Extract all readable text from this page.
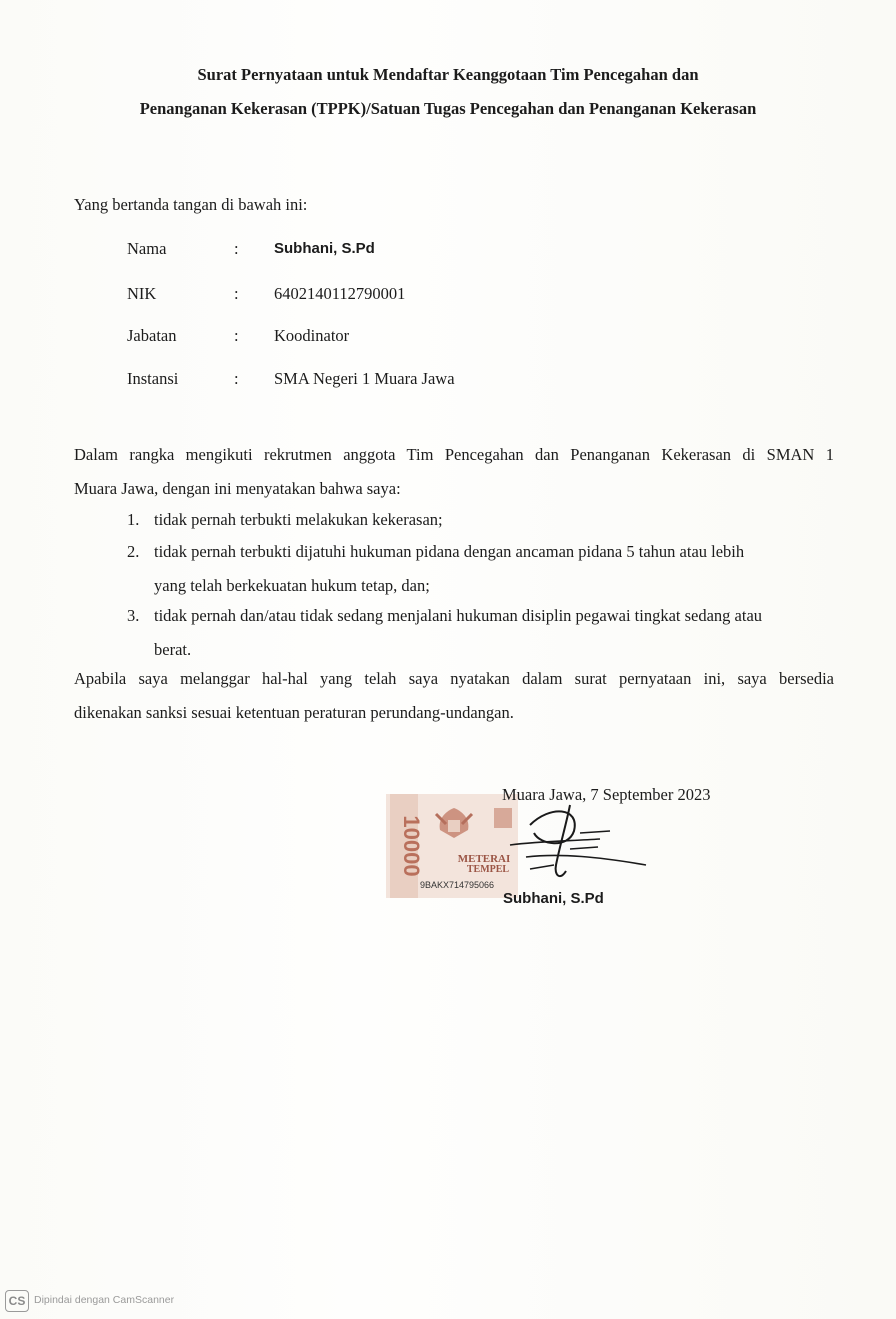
Surat Pernyataan untuk Mendaftar Keanggotaan Tim Pencegahan dan
Penanganan Kekerasan (TPPK)/Satuan Tugas Pencegahan dan Penanganan Kekerasan
Yang bertanda tangan di bawah ini:
Nama	: Subhani, S.Pd
NIK	: 6402140112790001
Jabatan	: Koodinator
Instansi	: SMA Negeri 1 Muara Jawa
Dalam rangka mengikuti rekrutmen anggota Tim Pencegahan dan Penanganan Kekerasan di SMAN 1
Muara Jawa, dengan ini menyatakan bahwa saya:
1. tidak pernah terbukti melakukan kekerasan;
2. tidak pernah terbukti dijatuhi hukuman pidana dengan ancaman pidana 5 tahun atau lebih
yang telah berkekuatan hukum tetap, dan;
3. tidak pernah dan/atau tidak sedang menjalani hukuman disiplin pegawai tingkat sedang atau
berat.
Apabila saya melanggar hal-hal yang telah saya nyatakan dalam surat pernyataan ini, saya bersedia
dikenakan sanksi sesuai ketentuan peraturan perundang-undangan.
10000	METERAI
TEMPEL
9BAKX714795066
Muara Jawa, 7 September 2023
Subhani, S.Pd
CS Dipindai dengan CamScanner
